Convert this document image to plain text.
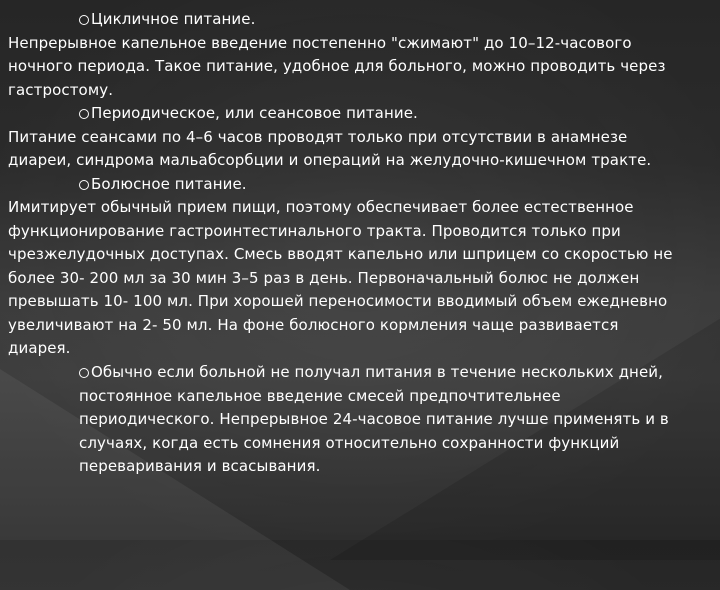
Цикличное питание.
Непрерывное капельное введение постепенно "сжимают" до 10–12-часового
ночного периода. Такое питание, удобное для больного, можно проводить через
гастростому.
Периодическое, или сеансовое питание.
Питание сеансами по 4–6 часов проводят только при отсутствии в анамнезе
диареи, синдрома мальабсорбции и операций на желудочно-кишечном тракте.
Болюсное питание.
Имитирует обычный прием пищи, поэтому обеспечивает более естественное
функционирование гастроинтестинального тракта. Проводится только при
чрезжелудочных доступах. Смесь вводят капельно или шприцем со скоростью не
более 30- 200 мл за 30 мин 3–5 раз в день. Первоначальный болюс не должен
превышать 10- 100 мл. При хорошей переносимости вводимый объем ежедневно
увеличивают на 2- 50 мл. На фоне болюсного кормления чаще развивается
диарея.
Обычно если больной не получал питания в течение нескольких дней,
постоянное капельное введение смесей предпочтительнее
периодического. Непрерывное 24-часовое питание лучше применять и в
случаях, когда есть сомнения относительно сохранности функций
переваривания и всасывания.
